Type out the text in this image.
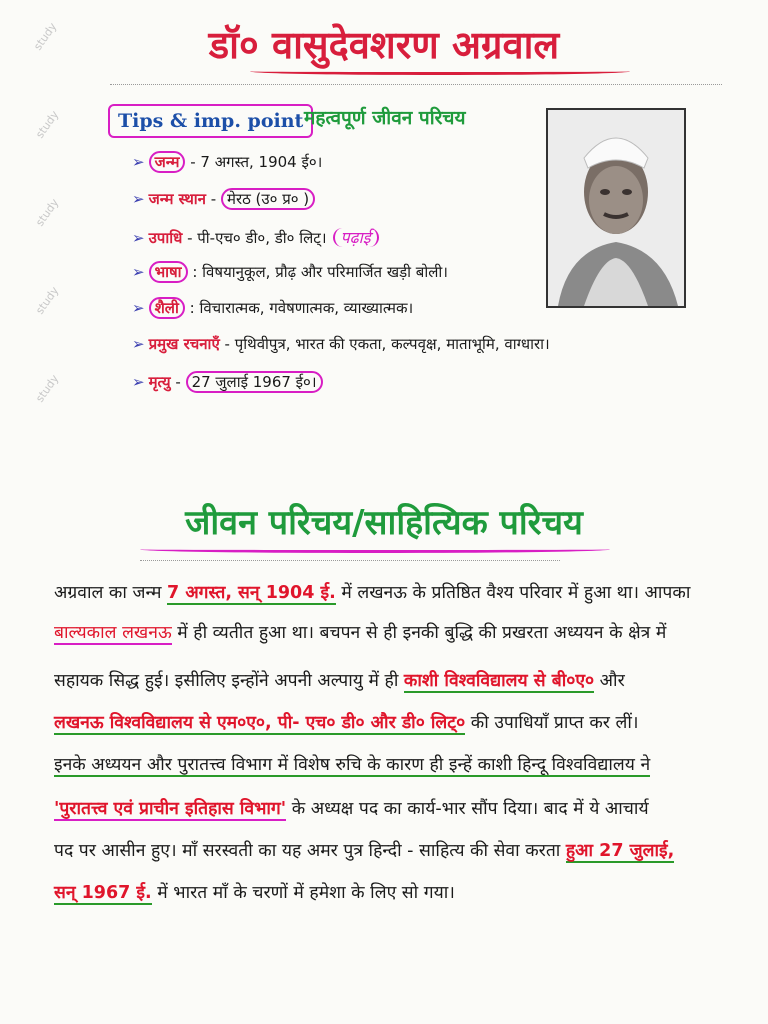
study
study
study
study
study
डॉ० वासुदेवशरण अग्रवाल
Tips & imp. point महत्वपूर्ण जीवन परिचय
➢ जन्म - 7 अगस्त, 1904 ई०।
➢ जन्म स्थान - मेरठ (उ० प्र० )
➢ उपाधि - पी-एच० डी०, डी० लिट्। पढ़ाई
➢ भाषा : विषयानुकूल, प्रौढ़ और परिमार्जित खड़ी बोली।
➢ शैली : विचारात्मक, गवेषणात्मक, व्याख्यात्मक।
➢ प्रमुख रचनाएँ - पृथिवीपुत्र, भारत की एकता, कल्पवृक्ष, माताभूमि, वाग्धारा।
➢ मृत्यु - 27 जुलाई 1967 ई०।
जीवन परिचय/साहित्यिक परिचय
अग्रवाल का जन्म 7 अगस्त, सन् 1904 ई. में लखनऊ के प्रतिष्ठित वैश्य परिवार में हुआ था। आपका
बाल्यकाल लखनऊ में ही व्यतीत हुआ था। बचपन से ही इनकी बुद्धि की प्रखरता अध्ययन के क्षेत्र में
सहायक सिद्ध हुई। इसीलिए इन्होंने अपनी अल्पायु में ही काशी विश्वविद्यालय से बी०ए० और
लखनऊ विश्वविद्यालय से एम०ए०, पी- एच० डी० और डी० लिट्० की उपाधियाँ प्राप्त कर लीं।
इनके अध्ययन और पुरातत्त्व विभाग में विशेष रुचि के कारण ही इन्हें काशी हिन्दू विश्वविद्यालय ने
'पुरातत्त्व एवं प्राचीन इतिहास विभाग' के अध्यक्ष पद का कार्य-भार सौंप दिया। बाद में ये आचार्य
पद पर आसीन हुए। माँ सरस्वती का यह अमर पुत्र हिन्दी - साहित्य की सेवा करता हुआ 27 जुलाई,
सन् 1967 ई. में भारत माँ के चरणों में हमेशा के लिए सो गया।
